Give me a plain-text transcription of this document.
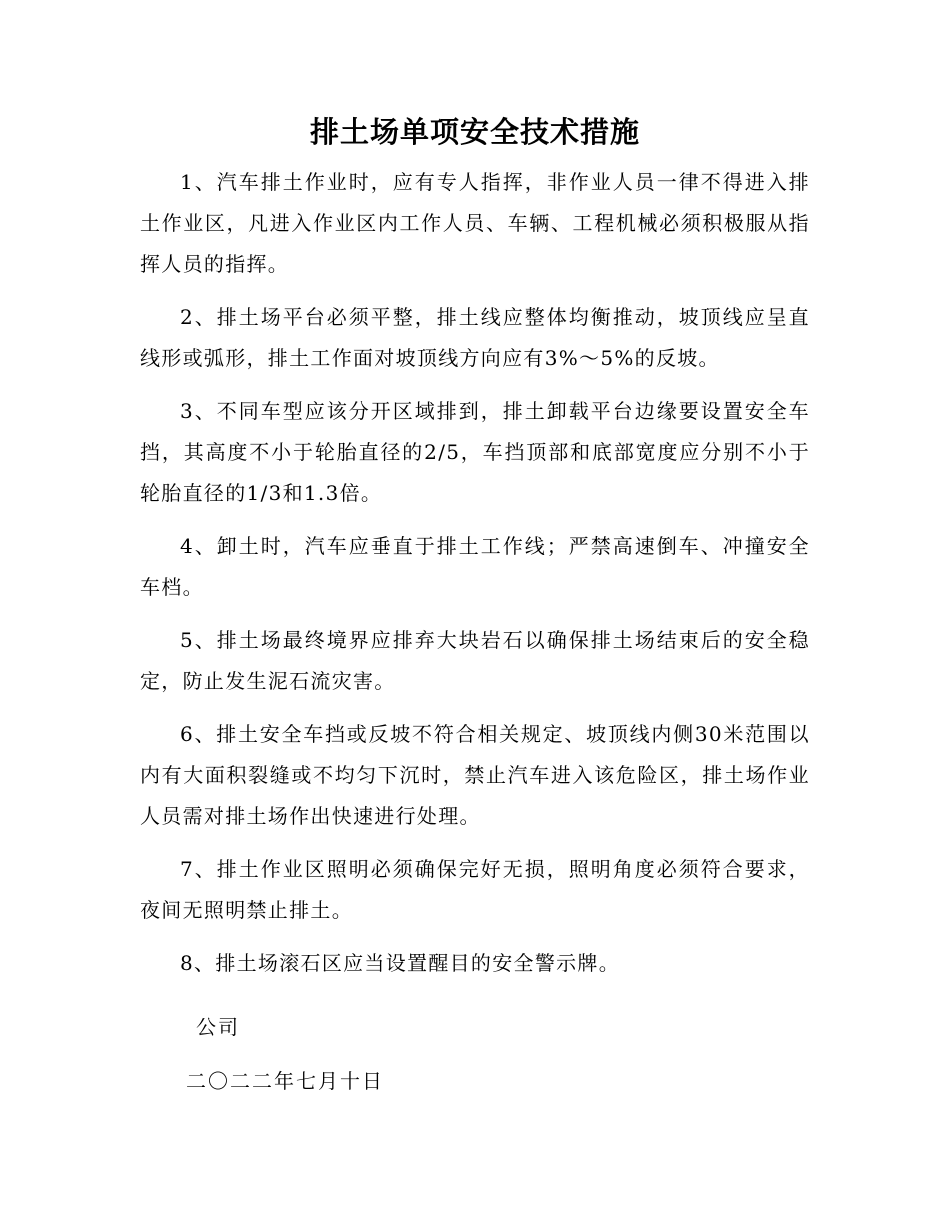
排土场单项安全技术措施

1、汽车排土作业时，应有专人指挥，非作业人员一律不得进入排土作业区，凡进入作业区内工作人员、车辆、工程机械必须积极服从指挥人员的指挥。

2、排土场平台必须平整，排土线应整体均衡推动，坡顶线应呈直线形或弧形，排土工作面对坡顶线方向应有3%～5%的反坡。

3、不同车型应该分开区域排到，排土卸载平台边缘要设置安全车挡，其高度不小于轮胎直径的2/5，车挡顶部和底部宽度应分别不小于轮胎直径的1/3和1.3倍。

4、卸土时，汽车应垂直于排土工作线；严禁高速倒车、冲撞安全车档。

5、排土场最终境界应排弃大块岩石以确保排土场结束后的安全稳定，防止发生泥石流灾害。

6、排土安全车挡或反坡不符合相关规定、坡顶线内侧30米范围以内有大面积裂缝或不均匀下沉时，禁止汽车进入该危险区，排土场作业人员需对排土场作出快速进行处理。

7、排土作业区照明必须确保完好无损，照明角度必须符合要求，夜间无照明禁止排土。

8、排土场滚石区应当设置醒目的安全警示牌。

公司
二〇二二年七月十日
